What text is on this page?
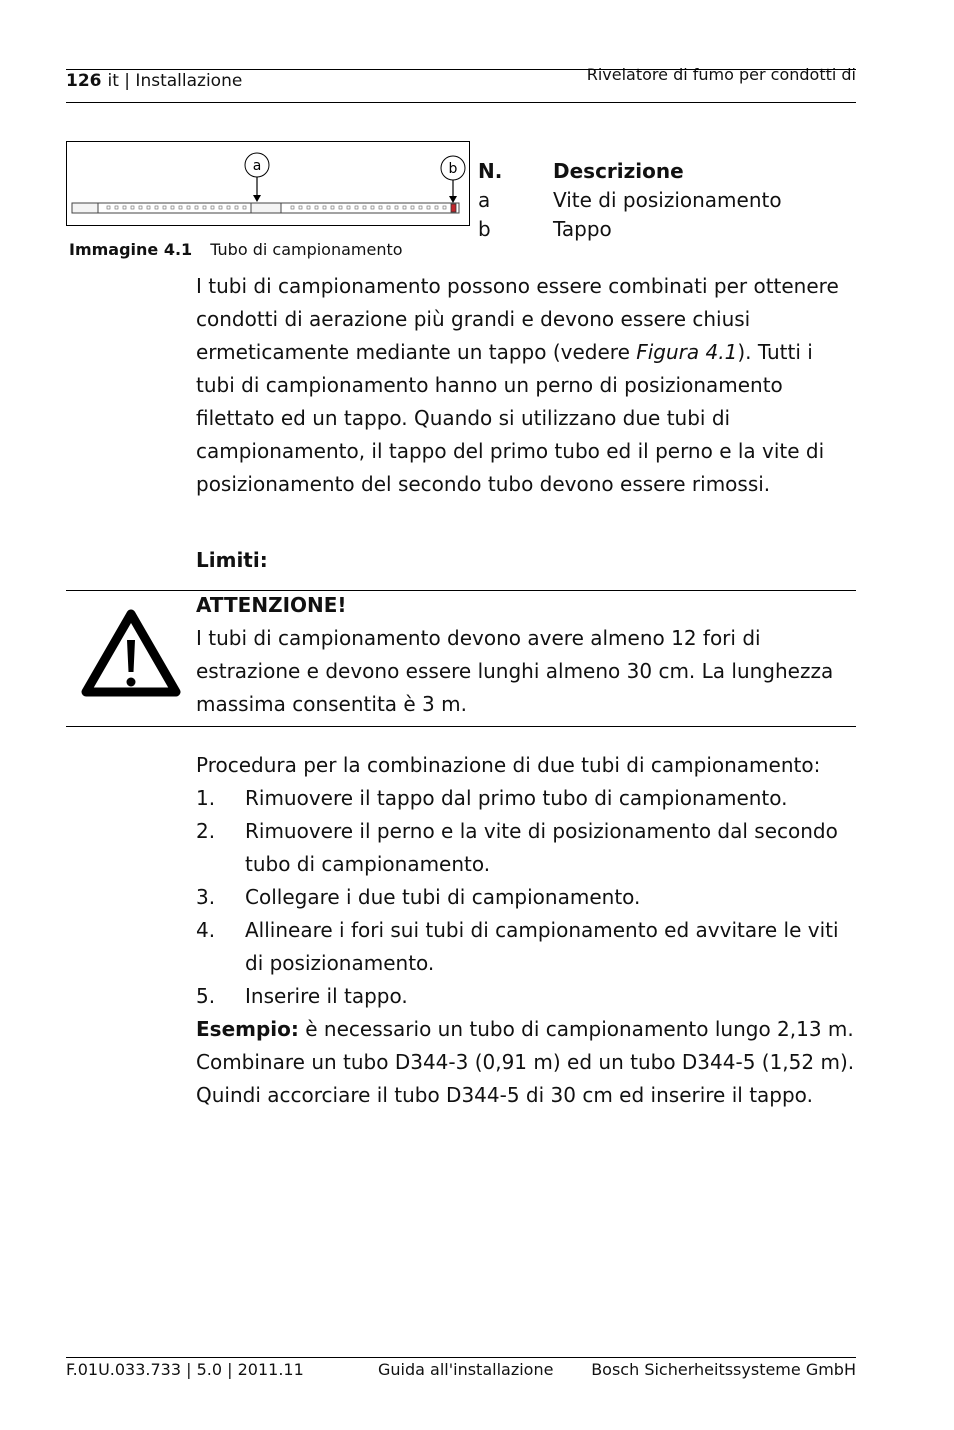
126 it | Installazione	Rivelatore di fumo per condotti di
a	b
Immagine 4.1 Tubo di campionamento
N.	Descrizione
a	Vite di posizionamento
b	Tappo
I tubi di campionamento possono essere combinati per ottenere condotti di aerazione più grandi e devono essere chiusi ermeticamente mediante un tappo (vedere Figura 4.1). Tutti i tubi di campionamento hanno un perno di posizionamento filettato ed un tappo. Quando si utilizzano due tubi di campionamento, il tappo del primo tubo ed il perno e la vite di posizionamento del secondo tubo devono essere rimossi.
Limiti:
ATTENZIONE!
I tubi di campionamento devono avere almeno 12 fori di estrazione e devono essere lunghi almeno 30 cm. La lunghezza massima consentita è 3 m.
Procedura per la combinazione di due tubi di campionamento:
1.	Rimuovere il tappo dal primo tubo di campionamento.
2.	Rimuovere il perno e la vite di posizionamento dal secondo tubo di campionamento.
3.	Collegare i due tubi di campionamento.
4.	Allineare i fori sui tubi di campionamento ed avvitare le viti di posizionamento.
5.	Inserire il tappo.
Esempio: è necessario un tubo di campionamento lungo 2,13 m.
Combinare un tubo D344-3 (0,91 m) ed un tubo D344-5 (1,52 m). Quindi accorciare il tubo D344-5 di 30 cm ed inserire il tappo.
F.01U.033.733 | 5.0 | 2011.11	Guida all'installazione Bosch Sicherheitssysteme GmbH
